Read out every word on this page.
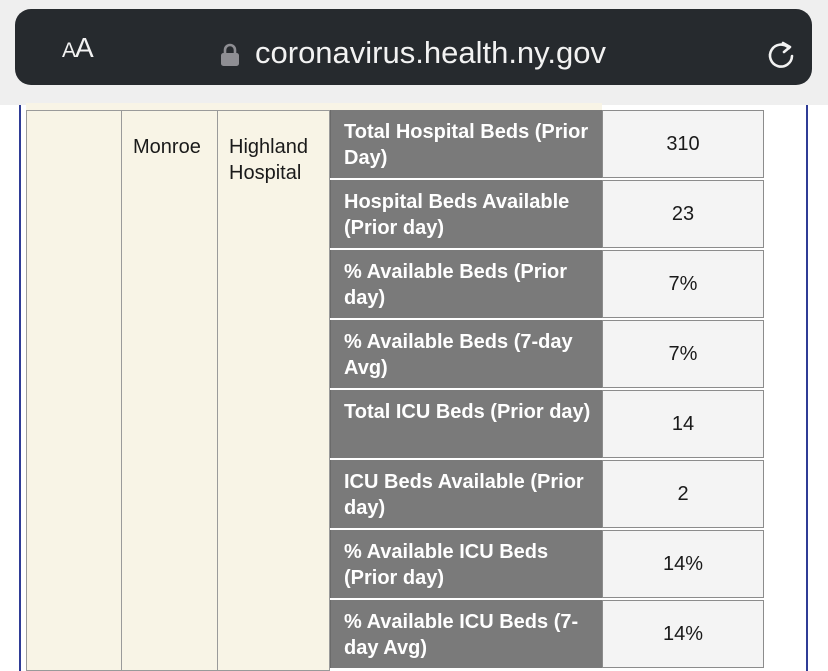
AA	coronavirus.health.ny.gov
Monroe Highland Hospital
Total Hospital Beds (Prior Day)
310
Hospital Beds Available (Prior day)
23
% Available Beds (Prior day)
7%
% Available Beds (7-day Avg)
7%
Total ICU Beds (Prior day)
14
ICU Beds Available (Prior day)
2
% Available ICU Beds (Prior day)
14%
% Available ICU Beds (7-day Avg)
14%
